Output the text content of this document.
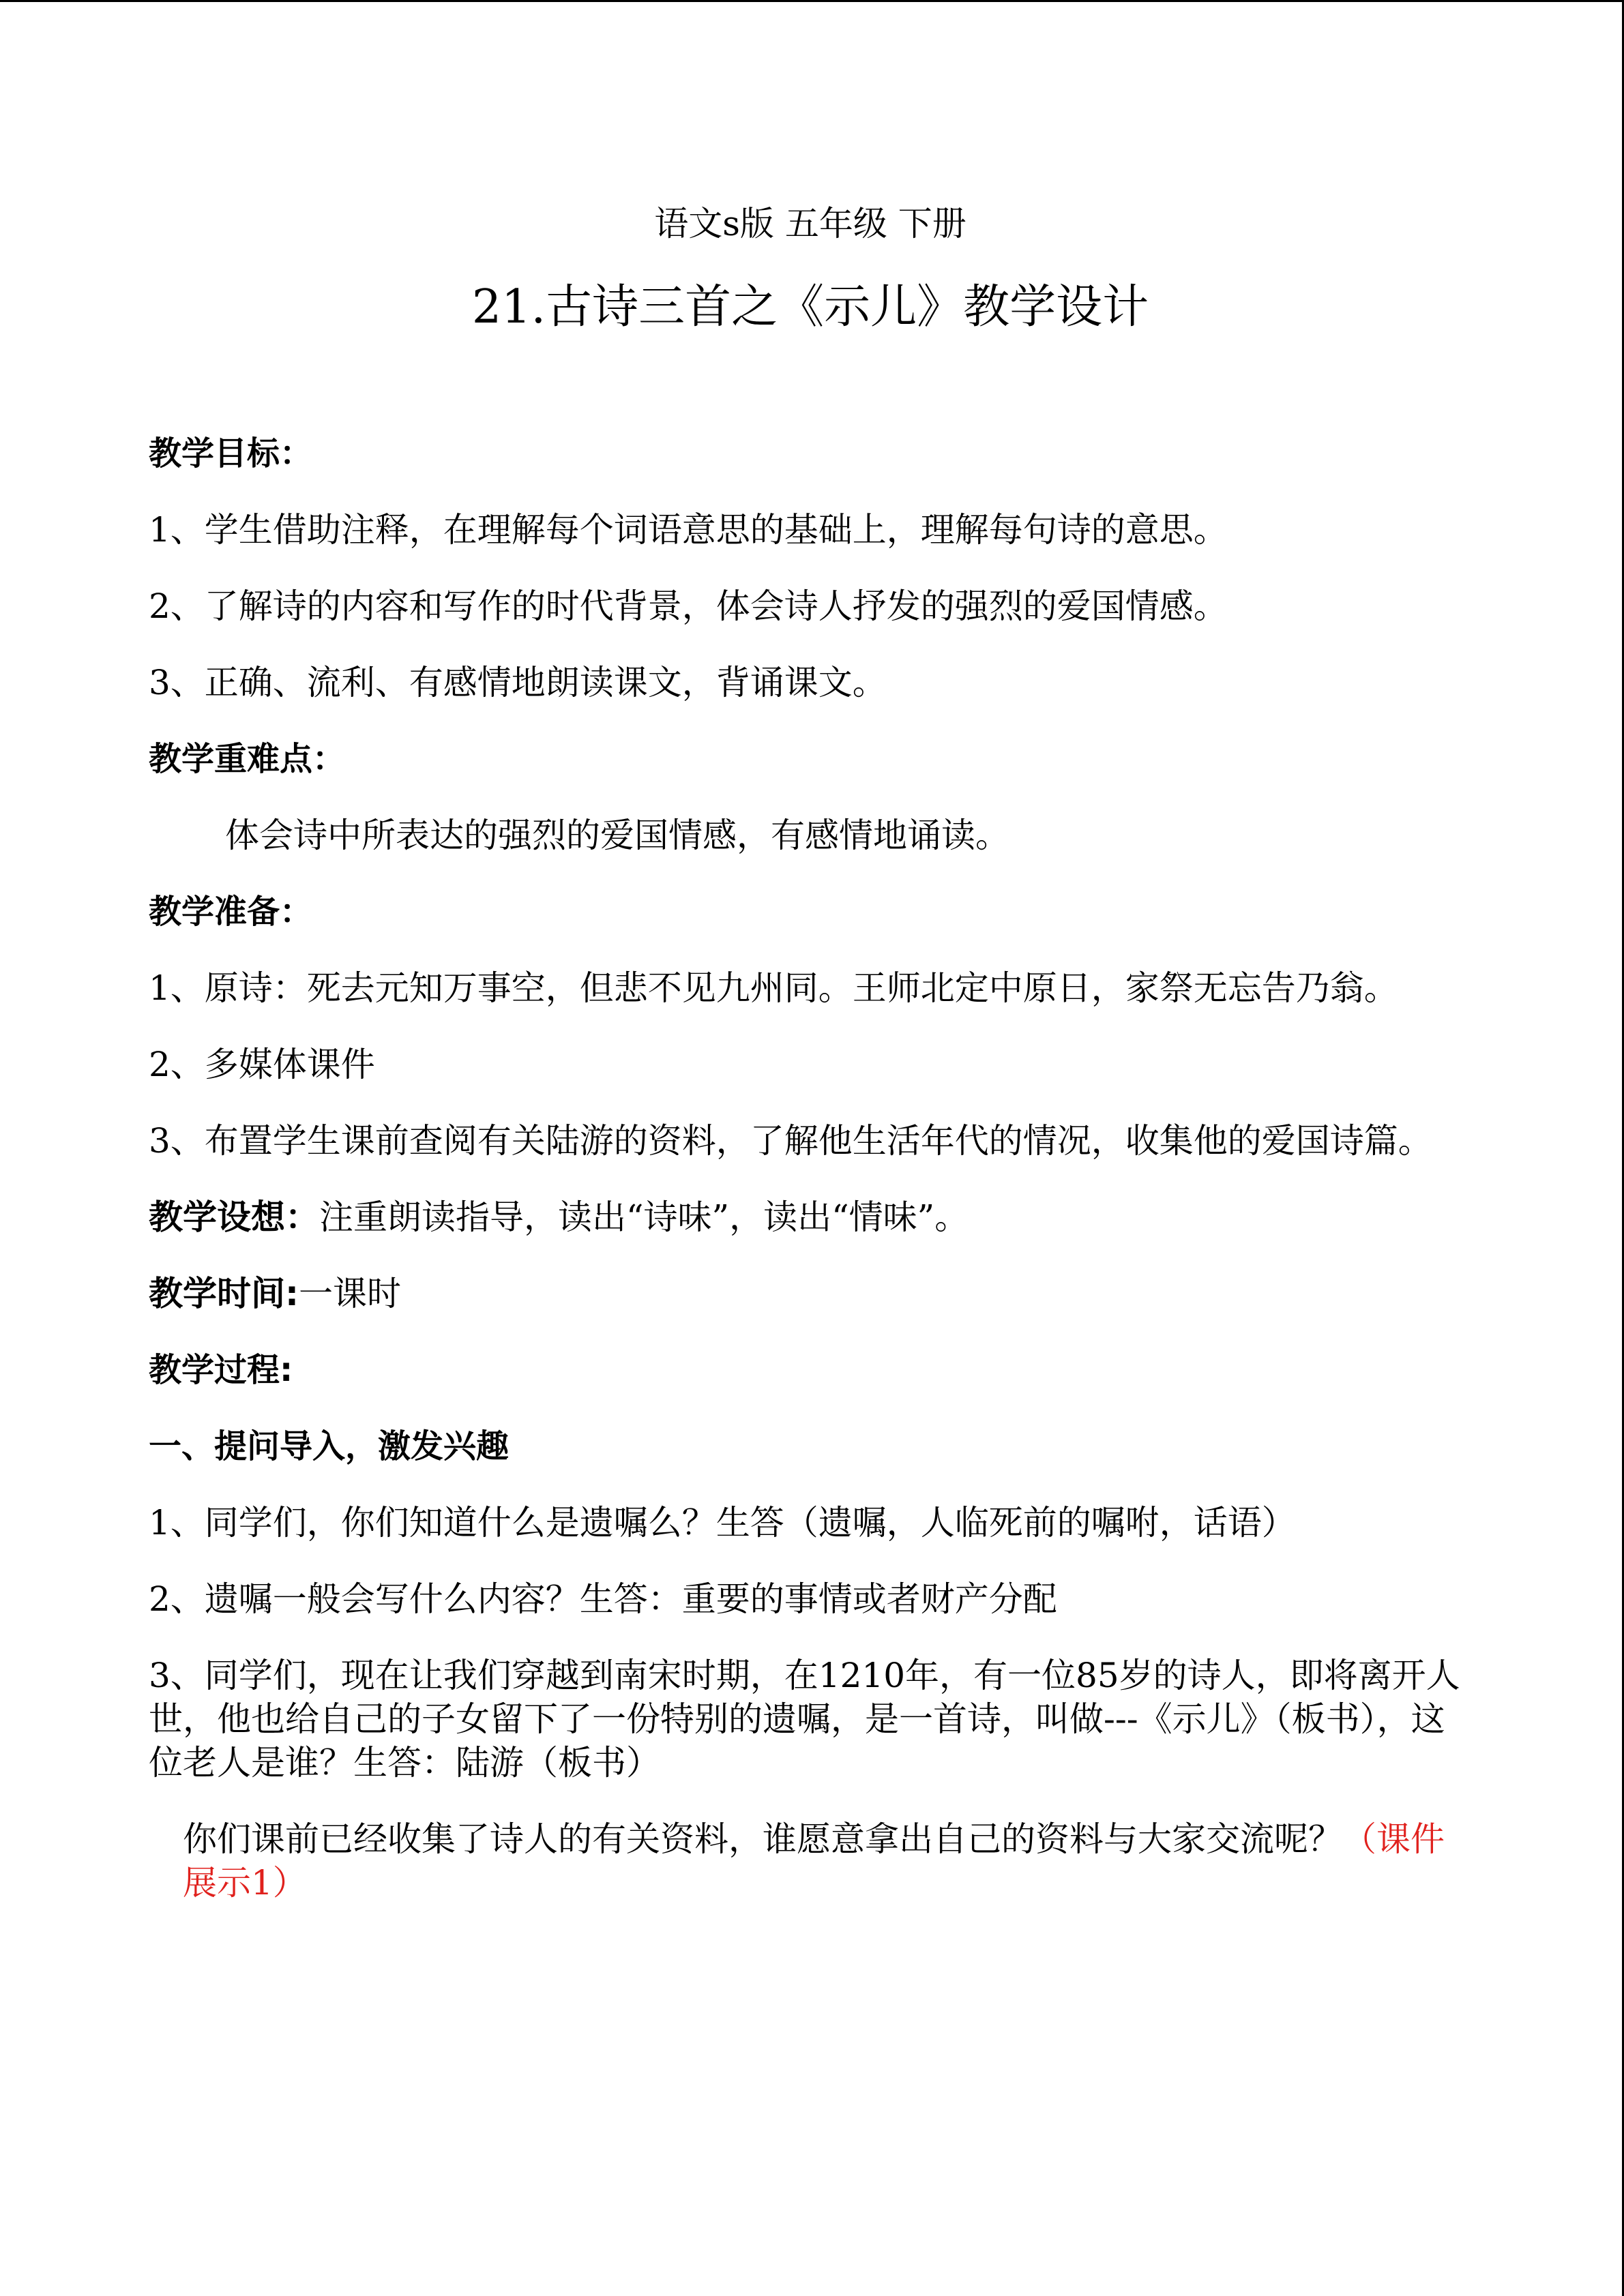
语文s版 五年级 下册
21.古诗三首之《示儿》教学设计

教学目标：

1、学生借助注释，在理解每个词语意思的基础上，理解每句诗的意思。

2、了解诗的内容和写作的时代背景，体会诗人抒发的强烈的爱国情感。

3、正确、流利、有感情地朗读课文，背诵课文。

教学重难点：

体会诗中所表达的强烈的爱国情感，有感情地诵读。

教学准备：

1、原诗：死去元知万事空，但悲不见九州同。王师北定中原日，家祭无忘告乃翁。

2、多媒体课件

3、布置学生课前查阅有关陆游的资料，了解他生活年代的情况，收集他的爱国诗篇。

教学设想：注重朗读指导，读出“诗味”，读出“情味”。

教学时间:一课时

教学过程:

一、提问导入，激发兴趣

1、同学们，你们知道什么是遗嘱么？生答（遗嘱，人临死前的嘱咐，话语）

2、遗嘱一般会写什么内容？生答：重要的事情或者财产分配

3、同学们，现在让我们穿越到南宋时期，在1210年，有一位85岁的诗人，即将离开人世，他也给自己的子女留下了一份特别的遗嘱，是一首诗，叫做---《示儿》（板书），这位老人是谁？生答：陆游（板书）

你们课前已经收集了诗人的有关资料，谁愿意拿出自己的资料与大家交流呢？（课件展示1）
